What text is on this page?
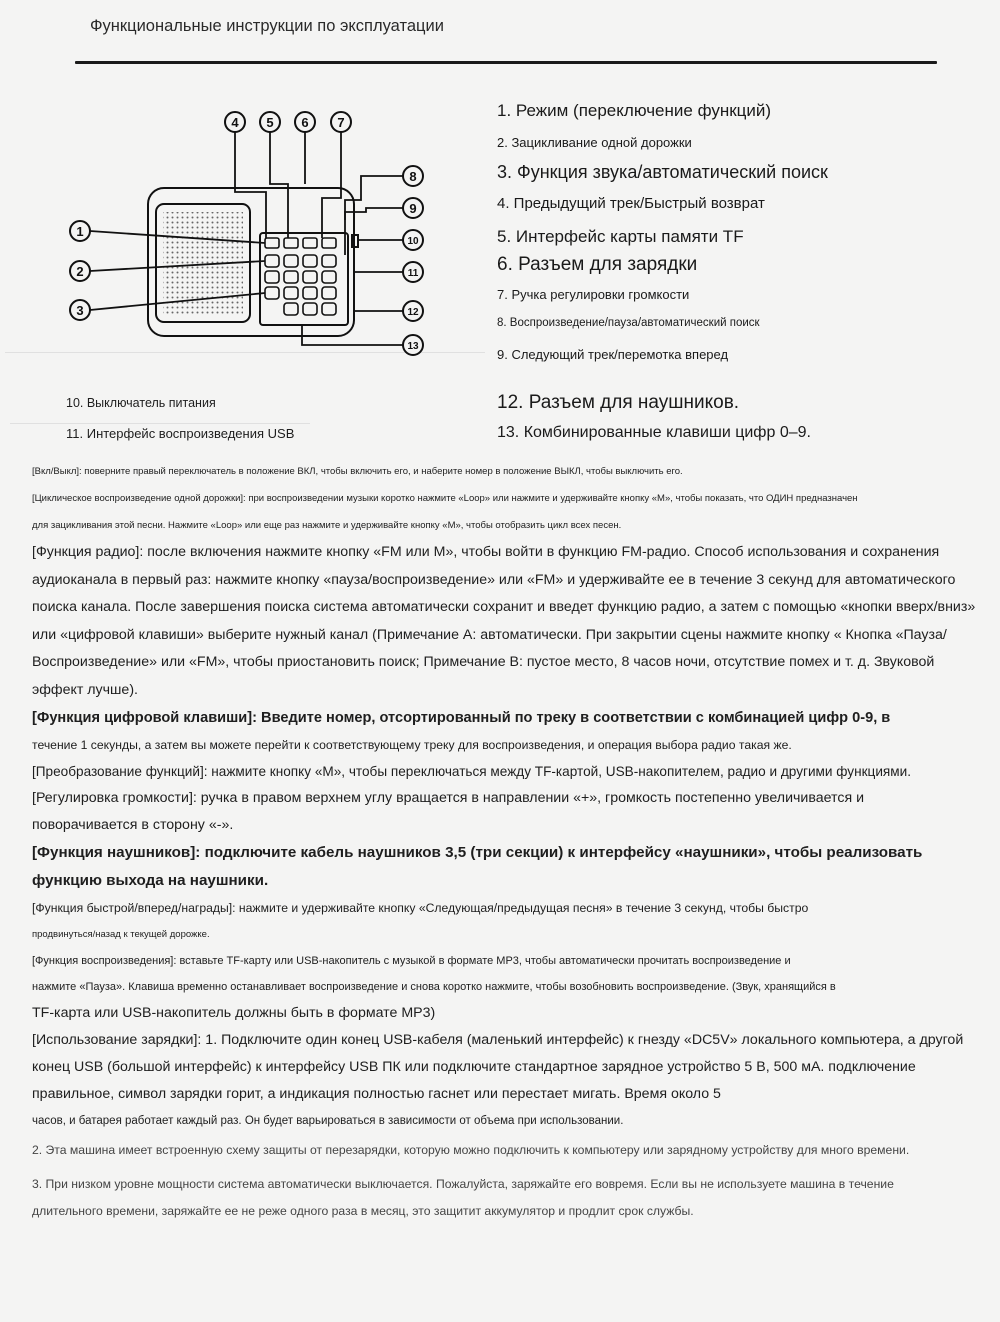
Функциональные инструкции по эксплуатации
4 5 6 7
8
9
10
11
12
13
1
2
3
1. Режим (переключение функций)
2. Зацикливание одной дорожки
3. Функция звука/автоматический поиск
4. Предыдущий трек/Быстрый возврат
5. Интерфейс карты памяти TF
6. Разъем для зарядки
7. Ручка регулировки громкости
8. Воспроизведение/пауза/автоматический поиск
9. Следующий трек/перемотка вперед
10. Выключатель питания
11. Интерфейс воспроизведения USB
12. Разъем для наушников.
13. Комбинированные клавиши цифр 0–9.

[Вкл/Выкл]: поверните правый переключатель в положение ВКЛ, чтобы включить его, и наберите номер в положение ВЫКЛ, чтобы выключить его.

[Циклическое воспроизведение одной дорожки]: при воспроизведении музыки коротко нажмите «Loop» или нажмите и удерживайте кнопку «M», чтобы показать, что ОДИН предназначен

для зацикливания этой песни. Нажмите «Loop» или еще раз нажмите и удерживайте кнопку «M», чтобы отобразить цикл всех песен.

[Функция радио]: после включения нажмите кнопку «FM или M», чтобы войти в функцию FM-радио. Способ использования и сохранения аудиоканала в первый раз: нажмите кнопку «пауза/воспроизведение» или «FM» и удерживайте ее в течение 3 секунд для автоматического поиска канала. После завершения поиска система автоматически сохранит и введет функцию радио, а затем с помощью «кнопки вверх/вниз» или «цифровой клавиши» выберите нужный канал (Примечание А: автоматически. При закрытии сцены нажмите кнопку « Кнопка «Пауза/Воспроизведение» или «FM», чтобы приостановить поиск; Примечание В: пустое место, 8 часов ночи, отсутствие помех и т. д. Звуковой эффект лучше).

[Функция цифровой клавиши]: Введите номер, отсортированный по треку в соответствии с комбинацией цифр 0-9, в

течение 1 секунды, а затем вы можете перейти к соответствующему треку для воспроизведения, и операция выбора радио такая же.

[Преобразование функций]: нажмите кнопку «M», чтобы переключаться между TF-картой, USB-накопителем, радио и другими функциями.

[Регулировка громкости]: ручка в правом верхнем углу вращается в направлении «+», громкость постепенно увеличивается и поворачивается в сторону «-».

[Функция наушников]: подключите кабель наушников 3,5 (три секции) к интерфейсу «наушники», чтобы реализовать функцию выхода на наушники.

[Функция быстрой/вперед/награды]: нажмите и удерживайте кнопку «Следующая/предыдущая песня» в течение 3 секунд, чтобы быстро

продвинуться/назад к текущей дорожке.

[Функция воспроизведения]: вставьте TF-карту или USB-накопитель с музыкой в формате MP3, чтобы автоматически прочитать воспроизведение и

нажмите «Пауза». Клавиша временно останавливает воспроизведение и снова коротко нажмите, чтобы возобновить воспроизведение. (Звук, хранящийся в

TF-карта или USB-накопитель должны быть в формате MP3)

[Использование зарядки]: 1. Подключите один конец USB-кабеля (маленький интерфейс) к гнезду «DC5V» локального компьютера, а другой конец USB (большой интерфейс) к интерфейсу USB ПК или подключите стандартное зарядное устройство 5 В, 500 мА. подключение правильное, символ зарядки горит, а индикация полностью гаснет или перестает мигать. Время около 5

часов, и батарея работает каждый раз. Он будет варьироваться в зависимости от объема при использовании.

2. Эта машина имеет встроенную схему защиты от перезарядки, которую можно подключить к компьютеру или зарядному устройству для много времени.

3. При низком уровне мощности система автоматически выключается. Пожалуйста, заряжайте его вовремя. Если вы не используете машина в течение длительного времени, заряжайте ее не реже одного раза в месяц, это защитит аккумулятор и продлит срок службы.
